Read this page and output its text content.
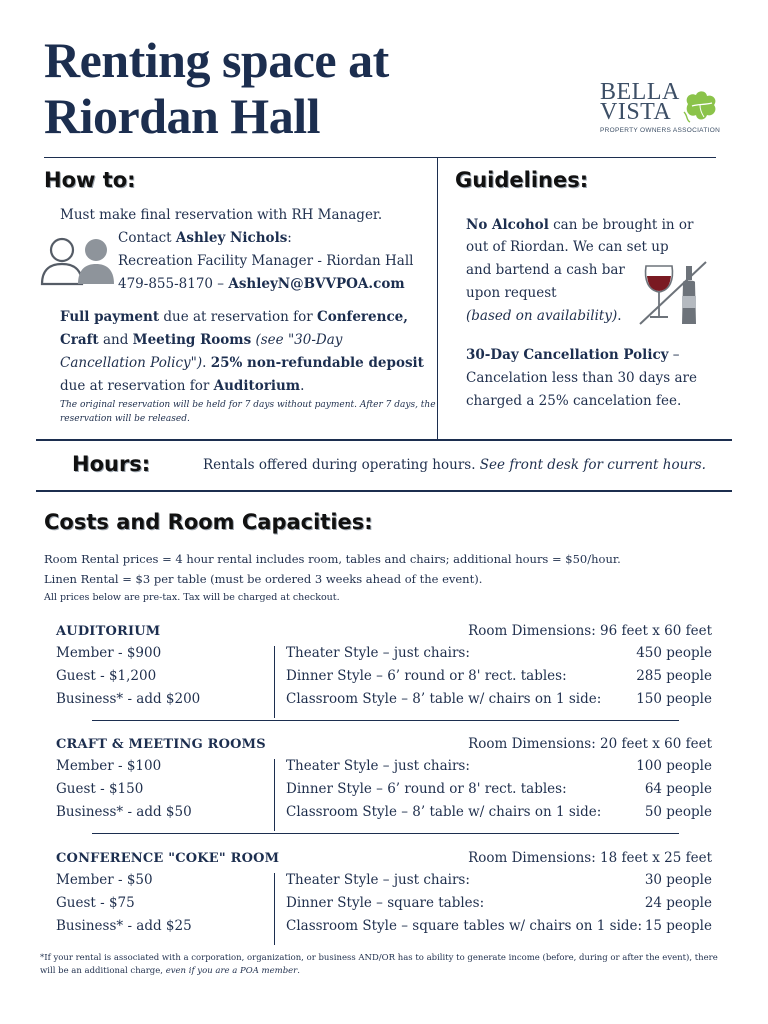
Renting space at
Riordan Hall	BELLA
VISTA
PROPERTY OWNERS ASSOCIATION
How to:
Must make final reservation with RH Manager.
Contact Ashley Nichols:
Recreation Facility Manager - Riordan Hall
479-855-8170 – AshleyN@BVVPOA.com
Full payment due at reservation for Conference,
Craft and Meeting Rooms (see "30-Day
Cancellation Policy"). 25% non-refundable deposit
due at reservation for Auditorium.
The original reservation will be held for 7 days without payment. After 7 days, the
reservation will be released.
Guidelines:
No Alcohol can be brought in or
out of Riordan. We can set up
and bartend a cash bar
upon request
(based on availability).
30-Day Cancellation Policy –
Cancelation less than 30 days are
charged a 25% cancelation fee.
Hours:	Rentals offered during operating hours. See front desk for current hours.
Costs and Room Capacities:
Room Rental prices = 4 hour rental includes room, tables and chairs; additional hours = $50/hour.
Linen Rental = $3 per table (must be ordered 3 weeks ahead of the event).
All prices below are pre-tax. Tax will be charged at checkout.
AUDITORIUM	Room Dimensions: 96 feet x 60 feet
Member - $900	Theater Style – just chairs:	450 people
Guest - $1,200	Dinner Style – 6’ round or 8' rect. tables:	285 people
Business* - add $200	Classroom Style – 8’ table w/ chairs on 1 side:	150 people
CRAFT & MEETING ROOMS	Room Dimensions: 20 feet x 60 feet
Member - $100	Theater Style – just chairs:	100 people
Guest - $150	Dinner Style – 6’ round or 8' rect. tables:	64 people
Business* - add $50	Classroom Style – 8’ table w/ chairs on 1 side:	50 people
CONFERENCE "COKE" ROOM	Room Dimensions: 18 feet x 25 feet
Member - $50	Theater Style – just chairs:	30 people
Guest - $75	Dinner Style – square tables:	24 people
Business* - add $25	Classroom Style – square tables w/ chairs on 1 side: 15 people
*If your rental is associated with a corporation, organization, or business AND/OR has to ability to generate income (before, during or after the event), there
will be an additional charge, even if you are a POA member.
